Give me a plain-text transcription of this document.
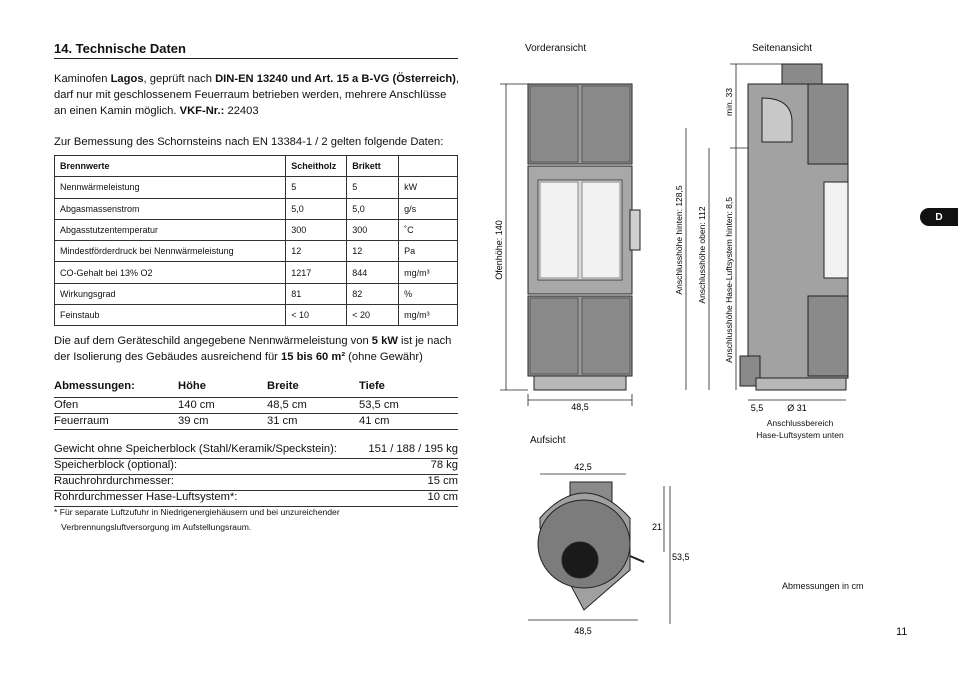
14. Technische Daten
Kaminofen Lagos, geprüft nach DIN-EN 13240 und Art. 15 a B-VG (Österreich), darf nur mit geschlossenem Feuerraum betrieben werden, mehrere Anschlüsse an einen Kamin möglich. VKF-Nr.: 22403
Zur Bemessung des Schornsteins nach EN 13384-1 / 2 gelten folgende Daten:
Brennwerte	Scheitholz	Brikett	
Nennwärmeleistung	5	5	kW
Abgasmassenstrom	5,0	5,0	g/s
Abgasstutzentemperatur	300	300	˚C
Mindestförderdruck bei Nennwärmeleistung	12	12	Pa
CO-Gehalt bei 13% O2	1217	844	mg/m³
Wirkungsgrad	81	82	%
Feinstaub	< 10	< 20	mg/m³
Die auf dem Geräteschild angegebene Nennwärmeleistung von 5 kW ist je nach der Isolierung des Gebäudes ausreichend für 15 bis 60 m² (ohne Gewähr)
Abmessungen:	Höhe	Breite	Tiefe
Ofen	140 cm	48,5 cm	53,5 cm
Feuerraum	39 cm	31 cm	41 cm
Gewicht ohne Speicherblock (Stahl/Keramik/Speckstein):	151 / 188 / 195 kg
Speicherblock (optional):	78 kg
Rauchrohrdurchmesser:	15 cm
Rohrdurchmesser Hase-Luftsystem*:	10 cm
* Für separate Luftzufuhr in Niedrigenergiehäusern und bei unzureichender
Verbrennungsluftversorgung im Aufstellungsraum.
Vorderansicht	Seitenansicht
Aufsicht
Abmessungen in cm
Anschlussbereich
Hase-Luftsystem unten
11
D
Ofenhöhe: 140
48,5
Anschlusshöhe hinten: 128,5 Anschlusshöhe oben: 112
min. 33
Anschlusshöhe Hase-Luftsystem hinten: 8,5
5,5	Ø 31
42,5
21
53,5
48,5
